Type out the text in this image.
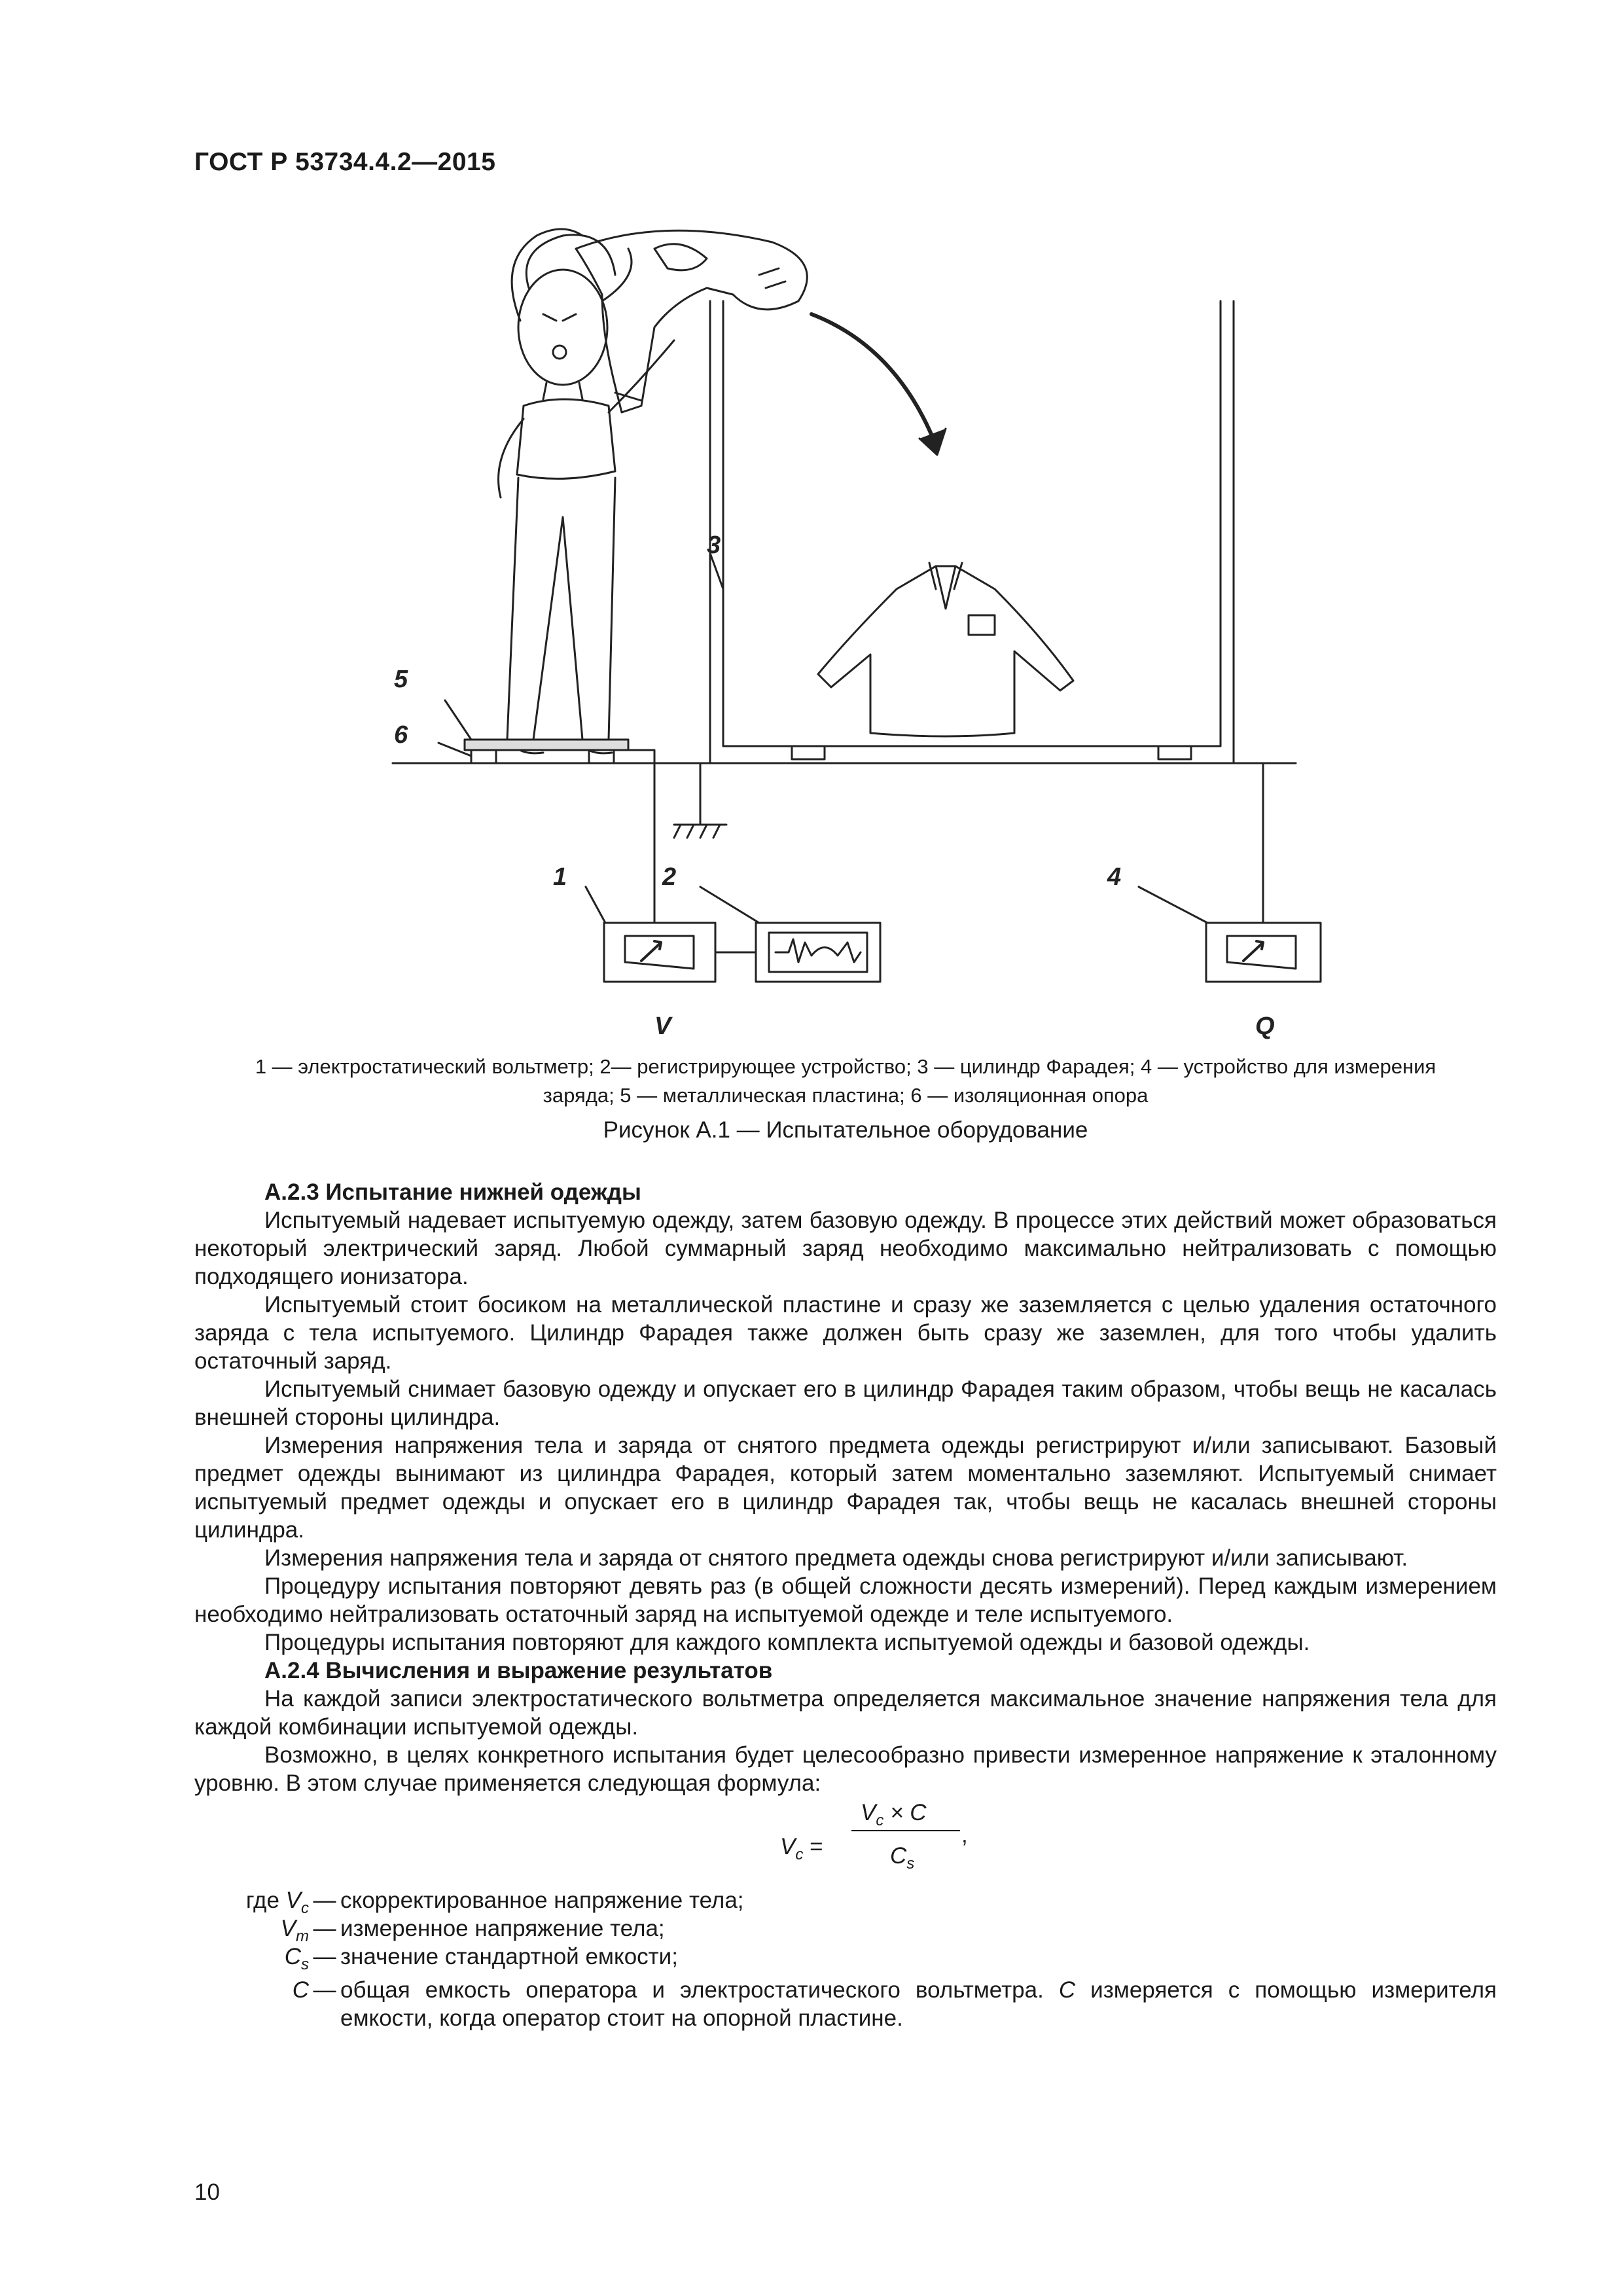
ГОСТ Р 53734.4.2—2015
1	2	4
3
5
6
V	Q
1 — электростатический вольтметр; 2— регистрирующее устройство; 3 — цилиндр Фарадея; 4 — устройство для измерения
заряда; 5 — металлическая пластина; 6 — изоляционная опора
Рисунок А.1 — Испытательное оборудование

А.2.3 Испытание нижней одежды

Испытуемый надевает испытуемую одежду, затем базовую одежду. В процессе этих действий может образоваться некоторый электрический заряд. Любой суммарный заряд необходимо максимально нейтрализовать с помощью подходящего ионизатора.

Испытуемый стоит босиком на металлической пластине и сразу же заземляется с целью удаления остаточного заряда с тела испытуемого. Цилиндр Фарадея также должен быть сразу же заземлен, для того чтобы удалить остаточный заряд.

Испытуемый снимает базовую одежду и опускает его в цилиндр Фарадея таким образом, чтобы вещь не касалась внешней стороны цилиндра.

Измерения напряжения тела и заряда от снятого предмета одежды регистрируют и/или записывают. Базовый предмет одежды вынимают из цилиндра Фарадея, который затем моментально заземляют. Испытуемый снимает испытуемый предмет одежды и опускает его в цилиндр Фарадея так, чтобы вещь не касалась внешней стороны цилиндра.

Измерения напряжения тела и заряда от снятого предмета одежды снова регистрируют и/или записывают.

Процедуру испытания повторяют девять раз (в общей сложности десять измерений). Перед каждым измерением необходимо нейтрализовать остаточный заряд на испытуемой одежде и теле испытуемого.

Процедуры испытания повторяют для каждого комплекта испытуемой одежды и базовой одежды.

А.2.4 Вычисления и выражение результатов

На каждой записи электростатического вольтметра определяется максимальное значение напряжения тела для каждой комбинации испытуемой одежды.

Возможно, в целях конкретного испытания будет целесообразно привести измеренное напряжение к эталонному уровню. В этом случае применяется следующая формула:

$V_c$ =
$V_c \times C$
$C_s$
,
где $V_c$ — скорректированное напряжение тела;
$V_m$ — измеренное напряжение тела;
$C_s$ — значение стандартной емкости;
C — общая емкость оператора и электростатического вольтметра. C измеряется с помощью измерителя емкости, когда оператор стоит на опорной пластине.
10
